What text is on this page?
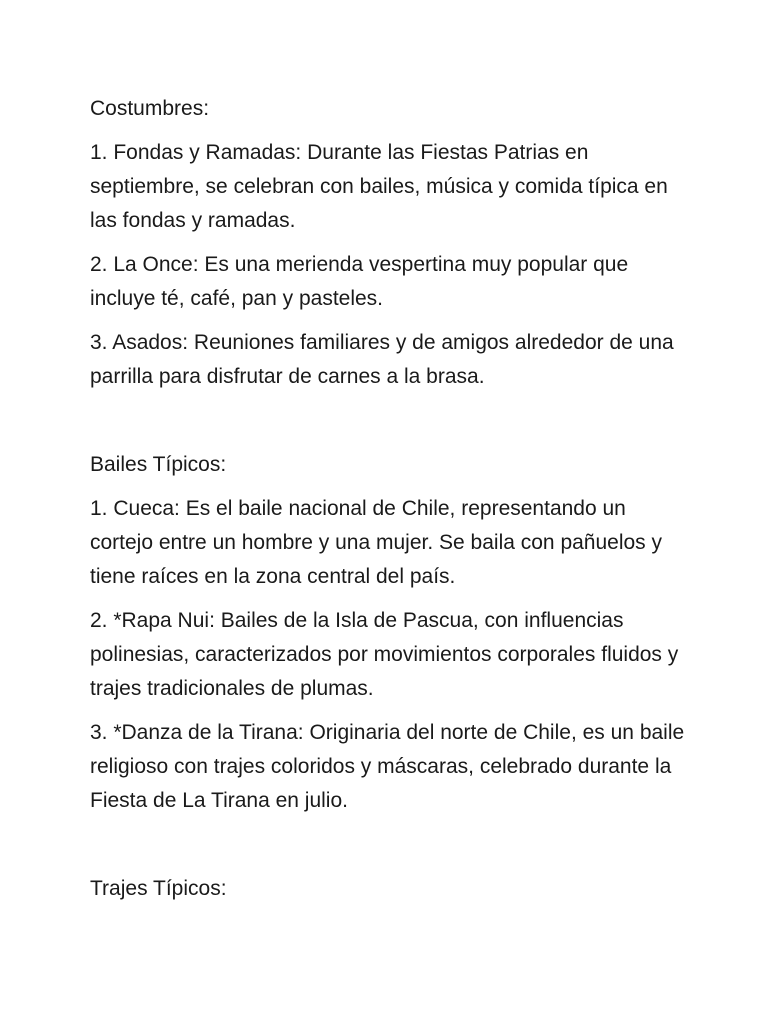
Costumbres:

1. Fondas y Ramadas: Durante las Fiestas Patrias en septiembre, se celebran con bailes, música y comida típica en las fondas y ramadas.

2. La Once: Es una merienda vespertina muy popular que incluye té, café, pan y pasteles.

3. Asados: Reuniones familiares y de amigos alrededor de una parrilla para disfrutar de carnes a la brasa.

Bailes Típicos:

1. Cueca: Es el baile nacional de Chile, representando un cortejo entre un hombre y una mujer. Se baila con pañuelos y tiene raíces en la zona central del país.

2. *Rapa Nui: Bailes de la Isla de Pascua, con influencias polinesias, caracterizados por movimientos corporales fluidos y trajes tradicionales de plumas.

3. *Danza de la Tirana: Originaria del norte de Chile, es un baile religioso con trajes coloridos y máscaras, celebrado durante la Fiesta de La Tirana en julio.

Trajes Típicos:
